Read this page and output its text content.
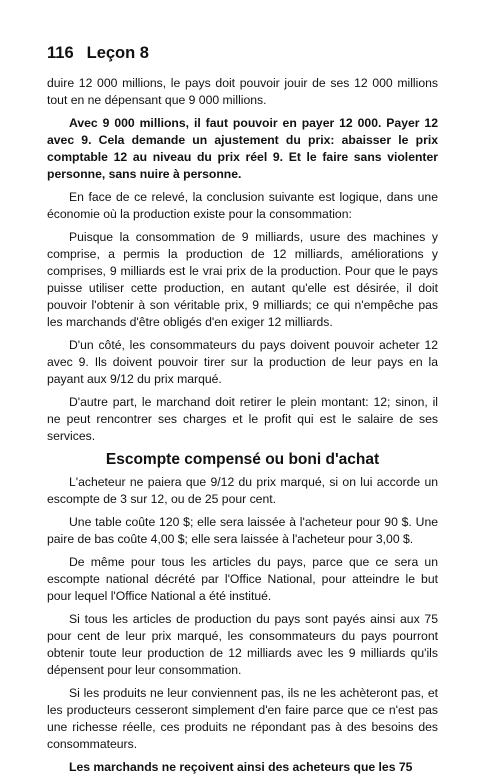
116 Leçon 8

duire 12 000 millions, le pays doit pouvoir jouir de ses 12 000 millions tout en ne dépensant que 9 000 millions.

Avec 9 000 millions, il faut pouvoir en payer 12 000. Payer 12 avec 9. Cela demande un ajustement du prix: abaisser le prix comptable 12 au niveau du prix réel 9. Et le faire sans violenter personne, sans nuire à personne.

En face de ce relevé, la conclusion suivante est logique, dans une économie où la production existe pour la consommation:

Puisque la consommation de 9 milliards, usure des machines y comprise, a permis la production de 12 milliards, améliorations y comprises, 9 milliards est le vrai prix de la production. Pour que le pays puisse utiliser cette production, en autant qu'elle est désirée, il doit pouvoir l'obtenir à son véritable prix, 9 milliards; ce qui n'empêche pas les marchands d'être obligés d'en exiger 12 milliards.

D'un côté, les consommateurs du pays doivent pouvoir acheter 12 avec 9. Ils doivent pouvoir tirer sur la production de leur pays en la payant aux 9/12 du prix marqué.

D'autre part, le marchand doit retirer le plein montant: 12; sinon, il ne peut rencontrer ses charges et le profit qui est le salaire de ses services.

Escompte compensé ou boni d'achat

L'acheteur ne paiera que 9/12 du prix marqué, si on lui accorde un escompte de 3 sur 12, ou de 25 pour cent.

Une table coûte 120 $; elle sera laissée à l'acheteur pour 90 $. Une paire de bas coûte 4,00 $; elle sera laissée à l'acheteur pour 3,00 $.

De même pour tous les articles du pays, parce que ce sera un escompte national décrété par l'Office National, pour atteindre le but pour lequel l'Office National a été institué.

Si tous les articles de production du pays sont payés ainsi aux 75 pour cent de leur prix marqué, les consommateurs du pays pourront obtenir toute leur production de 12 milliards avec les 9 milliards qu'ils dépensent pour leur consommation.

Si les produits ne leur conviennent pas, ils ne les achèteront pas, et les producteurs cesseront simplement d'en faire parce que ce n'est pas une richesse réelle, ces produits ne répondant pas à des besoins des consommateurs.

Les marchands ne reçoivent ainsi des acheteurs que les 75
